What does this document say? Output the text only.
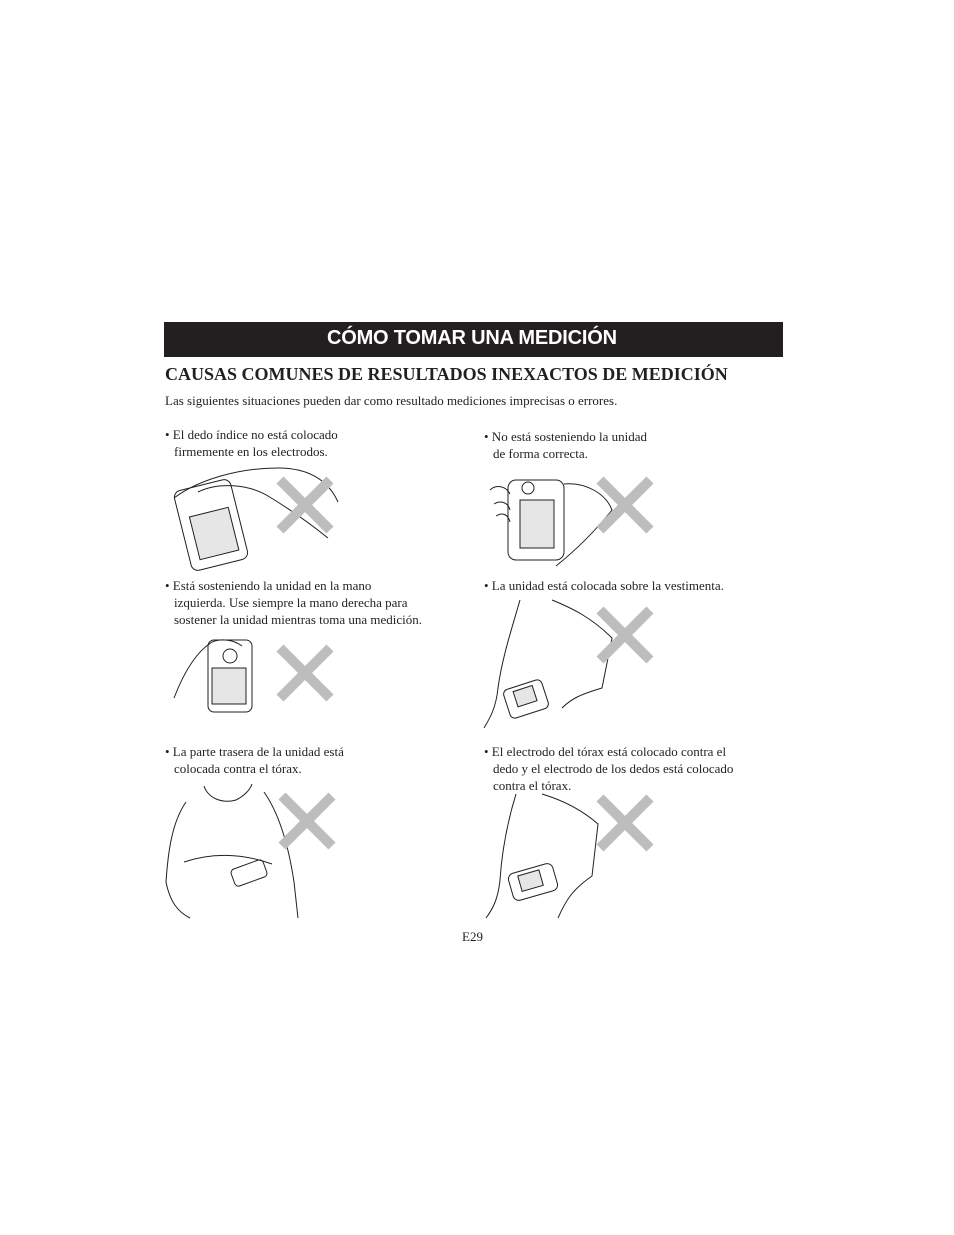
CÓMO TOMAR UNA MEDICIÓN
CAUSAS COMUNES DE RESULTADOS INEXACTOS DE MEDICIÓN
Las siguientes situaciones pueden dar como resultado mediciones imprecisas o errores.
• El dedo índice no está colocado
firmemente en los electrodos.
• No está sosteniendo la unidad
de forma correcta.
• Está sosteniendo la unidad en la mano
izquierda. Use siempre la mano derecha para
sostener la unidad mientras toma una medición.
• La unidad está colocada sobre la vestimenta.
• La parte trasera de la unidad está
colocada contra el tórax.
• El electrodo del tórax está colocado contra el
dedo y el electrodo de los dedos está colocado
contra el tórax.
E29
